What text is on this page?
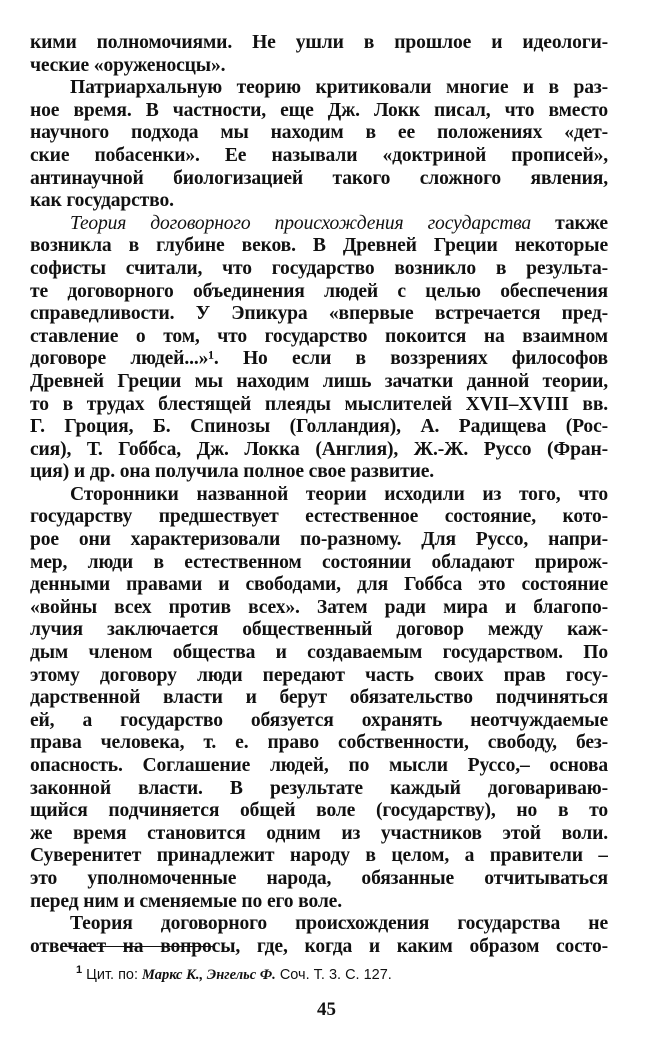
кими полномочиями. Не ушли в прошлое и идеологи-
ческие «оруженосцы».
Патриархальную теорию критиковали многие и в раз-
ное время. В частности, еще Дж. Локк писал, что вместо
научного подхода мы находим в ее положениях «дет-
ские побасенки». Ее называли «доктриной прописей»,
антинаучной биологизацией такого сложного явления,
как государство.
Теория договорного происхождения государства также
возникла в глубине веков. В Древней Греции некоторые
софисты считали, что государство возникло в результа-
те договорного объединения людей с целью обеспечения
справедливости. У Эпикура «впервые встречается пред-
ставление о том, что государство покоится на взаимном
договоре людей...»¹. Но если в воззрениях философов
Древней Греции мы находим лишь зачатки данной теории,
то в трудах блестящей плеяды мыслителей XVII–XVIII вв.
Г. Гроция, Б. Спинозы (Голландия), А. Радищева (Рос-
сия), Т. Гоббса, Дж. Локка (Англия), Ж.-Ж. Руссо (Фран-
ция) и др. она получила полное свое развитие.
Сторонники названной теории исходили из того, что
государству предшествует естественное состояние, кото-
рое они характеризовали по-разному. Для Руссо, напри-
мер, люди в естественном состоянии обладают прирож-
денными правами и свободами, для Гоббса это состояние
«войны всех против всех». Затем ради мира и благопо-
лучия заключается общественный договор между каж-
дым членом общества и создаваемым государством. По
этому договору люди передают часть своих прав госу-
дарственной власти и берут обязательство подчиняться
ей, а государство обязуется охранять неотчуждаемые
права человека, т. е. право собственности, свободу, без-
опасность. Соглашение людей, по мысли Руссо,– основа
законной власти. В результате каждый договариваю-
щийся подчиняется общей воле (государству), но в то
же время становится одним из участников этой воли.
Суверенитет принадлежит народу в целом, а правители –
это уполномоченные народа, обязанные отчитываться
перед ним и сменяемые по его воле.
Теория договорного происхождения государства не
отвечает на вопросы, где, когда и каким образом состо-
$^1$ Цит. по: Маркс К., Энгельс Ф. Соч. Т. 3. С. 127.
45
